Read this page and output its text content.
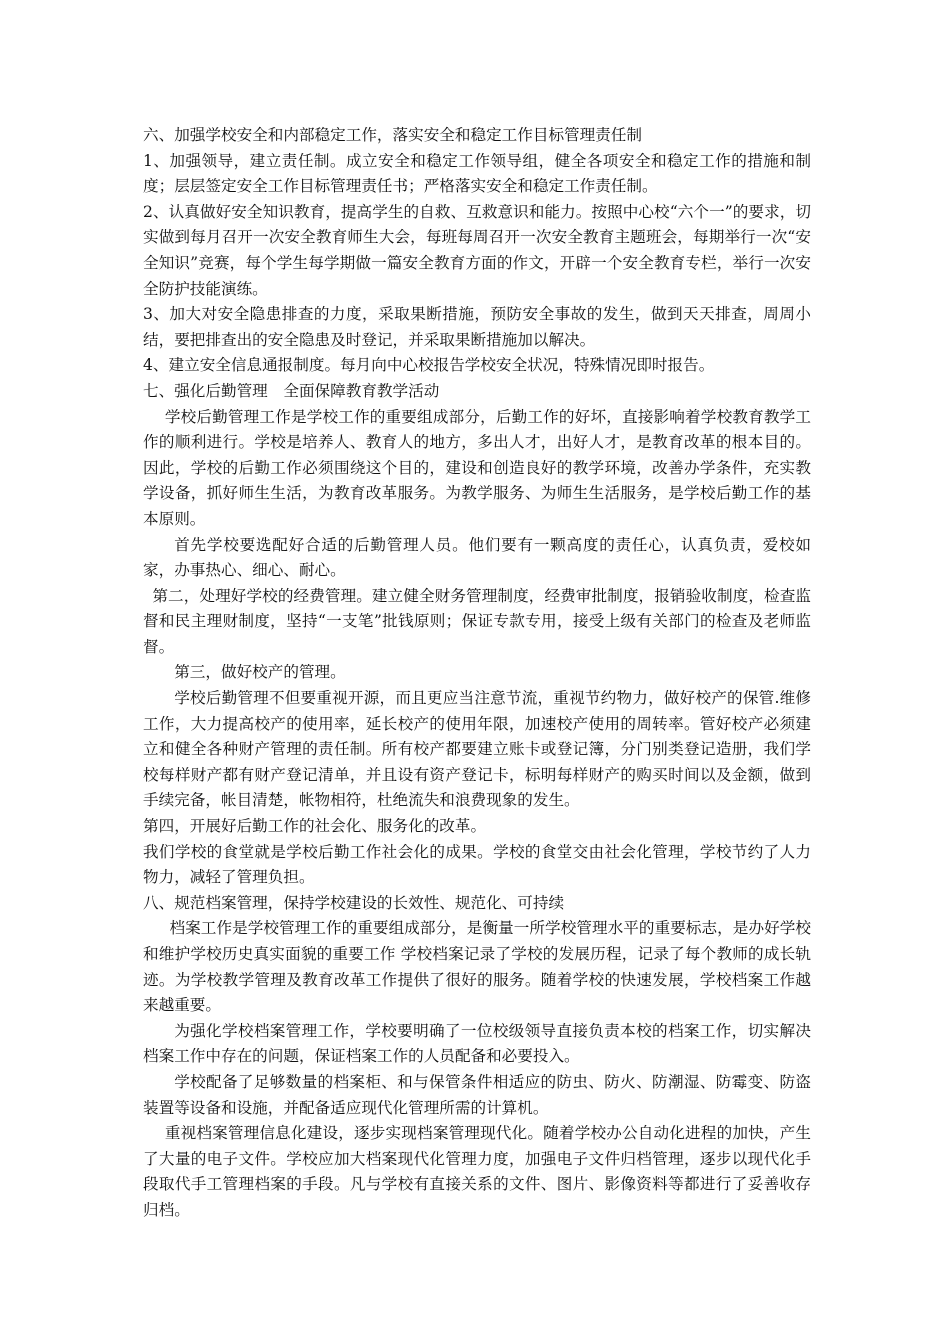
六、加强学校安全和内部稳定工作，落实安全和稳定工作目标管理责任制

1、加强领导，建立责任制。成立安全和稳定工作领导组，健全各项安全和稳定工作的措施和制度；层层签定安全工作目标管理责任书；严格落实安全和稳定工作责任制。

2、认真做好安全知识教育，提高学生的自救、互救意识和能力。按照中心校“六个一”的要求，切实做到每月召开一次安全教育师生大会，每班每周召开一次安全教育主题班会，每期举行一次“安全知识”竞赛，每个学生每学期做一篇安全教育方面的作文，开辟一个安全教育专栏，举行一次安全防护技能演练。

3、加大对安全隐患排查的力度，采取果断措施，预防安全事故的发生，做到天天排查，周周小结，要把排查出的安全隐患及时登记，并采取果断措施加以解决。

4、建立安全信息通报制度。每月向中心校报告学校安全状况，特殊情况即时报告。

七、强化后勤管理　全面保障教育教学活动

学校后勤管理工作是学校工作的重要组成部分，后勤工作的好坏，直接影响着学校教育教学工作的顺利进行。学校是培养人、教育人的地方，多出人才，出好人才，是教育改革的根本目的。因此，学校的后勤工作必须围绕这个目的，建设和创造良好的教学环境，改善办学条件，充实教学设备，抓好师生生活，为教育改革服务。为教学服务、为师生生活服务，是学校后勤工作的基本原则。

首先学校要选配好合适的后勤管理人员。他们要有一颗高度的责任心，认真负责，爱校如家，办事热心、细心、耐心。

第二，处理好学校的经费管理。建立健全财务管理制度，经费审批制度，报销验收制度，检查监督和民主理财制度，坚持“一支笔”批钱原则；保证专款专用，接受上级有关部门的检查及老师监督。

第三，做好校产的管理。

学校后勤管理不但要重视开源，而且更应当注意节流，重视节约物力，做好校产的保管.维修工作，大力提高校产的使用率，延长校产的使用年限，加速校产使用的周转率。管好校产必须建立和健全各种财产管理的责任制。所有校产都要建立账卡或登记簿，分门别类登记造册，我们学校每样财产都有财产登记清单，并且设有资产登记卡，标明每样财产的购买时间以及金额，做到手续完备，帐目清楚，帐物相符，杜绝流失和浪费现象的发生。

第四，开展好后勤工作的社会化、服务化的改革。

我们学校的食堂就是学校后勤工作社会化的成果。学校的食堂交由社会化管理，学校节约了人力物力，减轻了管理负担。

八、规范档案管理，保持学校建设的长效性、规范化、可持续

档案工作是学校管理工作的重要组成部分，是衡量一所学校管理水平的重要标志，是办好学校和维护学校历史真实面貌的重要工作 学校档案记录了学校的发展历程，记录了每个教师的成长轨迹。为学校教学管理及教育改革工作提供了很好的服务。随着学校的快速发展，学校档案工作越来越重要。

为强化学校档案管理工作，学校要明确了一位校级领导直接负责本校的档案工作，切实解决档案工作中存在的问题，保证档案工作的人员配备和必要投入。

学校配备了足够数量的档案柜、和与保管条件相适应的防虫、防火、防潮湿、防霉变、防盗装置等设备和设施，并配备适应现代化管理所需的计算机。

重视档案管理信息化建设，逐步实现档案管理现代化。随着学校办公自动化进程的加快，产生了大量的电子文件。学校应加大档案现代化管理力度，加强电子文件归档管理，逐步以现代化手段取代手工管理档案的手段。凡与学校有直接关系的文件、图片、影像资料等都进行了妥善收存归档。
